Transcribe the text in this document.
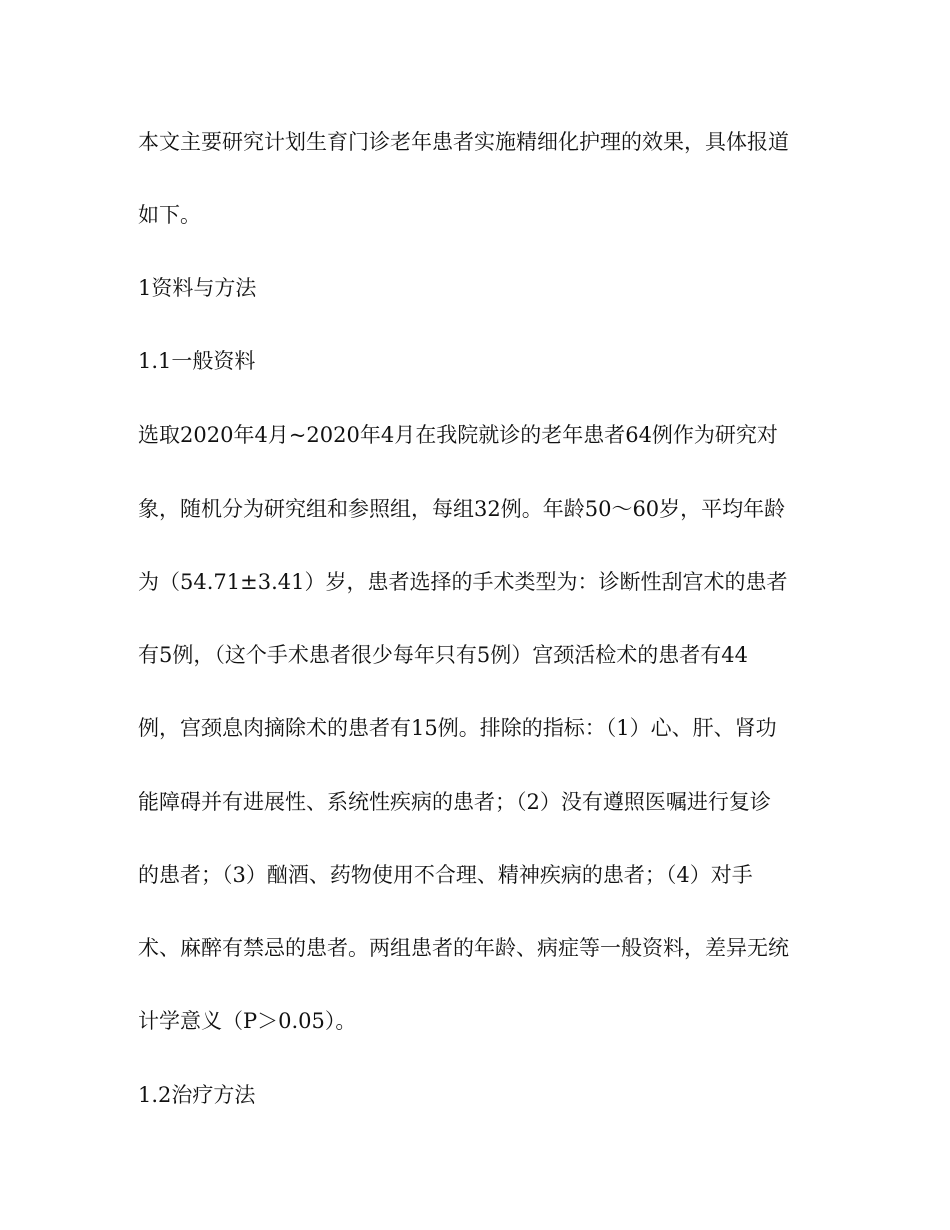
本文主要研究计划生育门诊老年患者实施精细化护理的效果，具体报道
如下。
1资料与方法
1.1一般资料
选取2020年4月~2020年4月在我院就诊的老年患者64例作为研究对
象，随机分为研究组和参照组，每组32例。年龄50～60岁，平均年龄
为（54.71±3.41）岁，患者选择的手术类型为：诊断性刮宫术的患者
有5例，（这个手术患者很少每年只有5例）宫颈活检术的患者有44
例，宫颈息肉摘除术的患者有15例。排除的指标：（1）心、肝、肾功
能障碍并有进展性、系统性疾病的患者；（2）没有遵照医嘱进行复诊
的患者；（3）酗酒、药物使用不合理、精神疾病的患者；（4）对手
术、麻醉有禁忌的患者。两组患者的年龄、病症等一般资料，差异无统
计学意义（P＞0.05）。
1.2治疗方法
